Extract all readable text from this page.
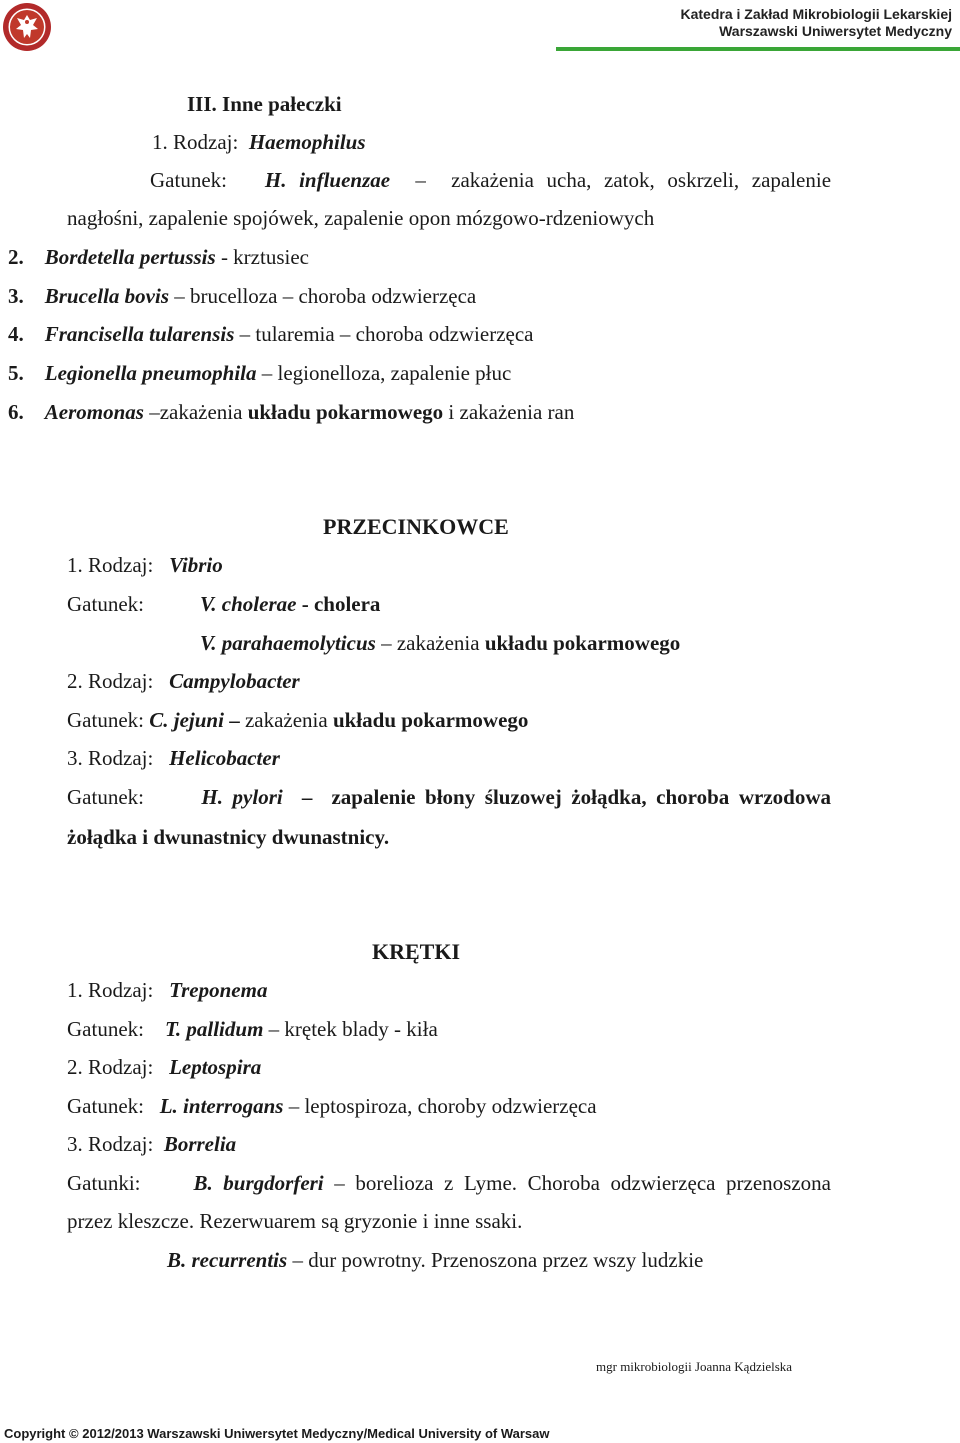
Katedra i Zakład Mikrobiologii Lekarskiej
Warszawski Uniwersytet Medyczny
III. Inne pałeczki
1. Rodzaj: Haemophilus
Gatunek: H. influenzae – zakażenia ucha, zatok, oskrzeli, zapalenie
nagłośni, zapalenie spojówek, zapalenie opon mózgowo-rdzeniowych
2. Bordetella pertussis - krztusiec
3. Brucella bovis – brucelloza – choroba odzwierzęca
4. Francisella tularensis – tularemia – choroba odzwierzęca
5. Legionella pneumophila – legionelloza, zapalenie płuc
6. Aeromonas –zakażenia układu pokarmowego i zakażenia ran
PRZECINKOWCE
1. Rodzaj: Vibrio
Gatunek:	V. cholerae - cholera
V. parahaemolyticus – zakażenia układu pokarmowego
2. Rodzaj: Campylobacter
Gatunek: C. jejuni – zakażenia układu pokarmowego
3. Rodzaj: Helicobacter
Gatunek:	H. pylori – zapalenie błony śluzowej żołądka, choroba wrzodowa
żołądka i dwunastnicy dwunastnicy.
KRĘTKI
1. Rodzaj: Treponema
Gatunek: T. pallidum – krętek blady - kiła
2. Rodzaj: Leptospira
Gatunek: L. interrogans – leptospiroza, choroby odzwierzęca
3. Rodzaj: Borrelia
Gatunki:	B. burgdorferi – borelioza z Lyme. Choroba odzwierzęca przenoszona
przez kleszcze. Rezerwuarem są gryzonie i inne ssaki.
B. recurrentis – dur powrotny. Przenoszona przez wszy ludzkie
mgr mikrobiologii Joanna Kądzielska
Copyright © 2012/2013 Warszawski Uniwersytet Medyczny/Medical University of Warsaw
